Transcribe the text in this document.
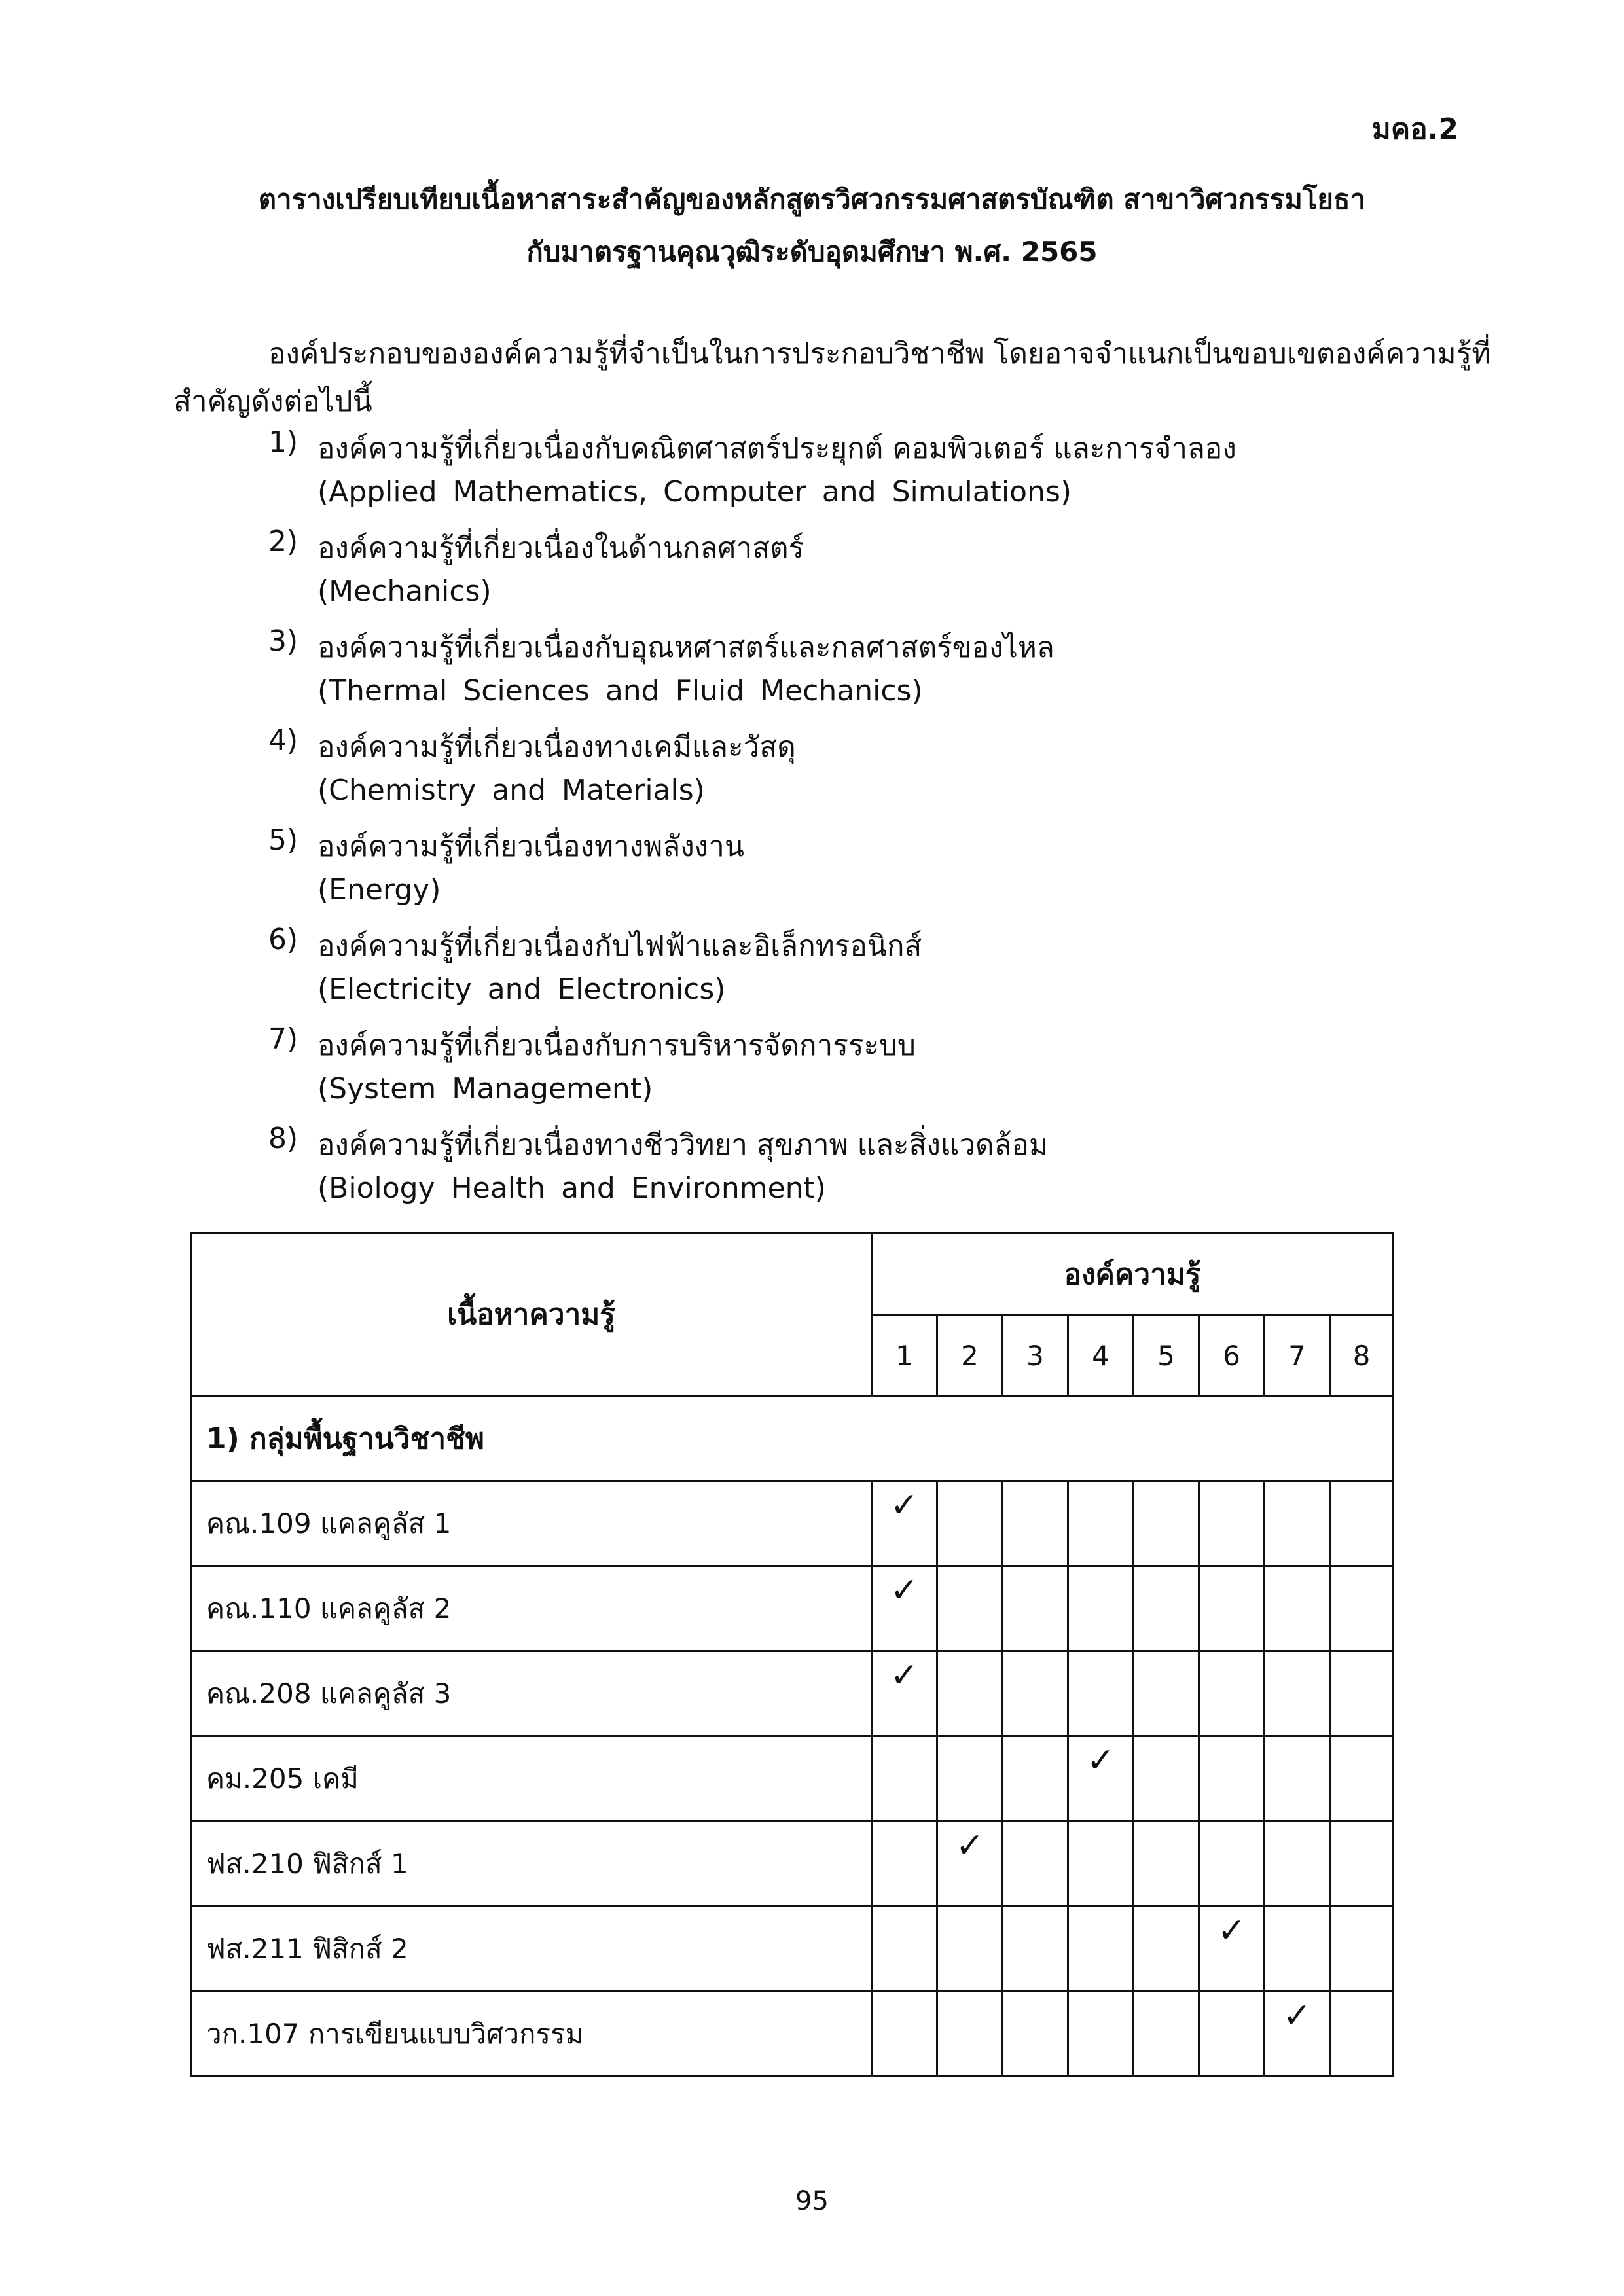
มคอ.2
ตารางเปรียบเทียบเนื้อหาสาระสำคัญของหลักสูตรวิศวกรรมศาสตรบัณฑิต สาขาวิศวกรรมโยธา
กับมาตรฐานคุณวุฒิระดับอุดมศึกษา พ.ศ. 2565
องค์ประกอบขององค์ความรู้ที่จำเป็นในการประกอบวิชาชีพ โดยอาจจำแนกเป็นขอบเขตองค์ความรู้ที่
สำคัญดังต่อไปนี้
1) องค์ความรู้ที่เกี่ยวเนื่องกับคณิตศาสตร์ประยุกต์ คอมพิวเตอร์ และการจำลอง
(Applied Mathematics, Computer and Simulations)
2) องค์ความรู้ที่เกี่ยวเนื่องในด้านกลศาสตร์
(Mechanics)
3) องค์ความรู้ที่เกี่ยวเนื่องกับอุณหศาสตร์และกลศาสตร์ของไหล
(Thermal Sciences and Fluid Mechanics)
4) องค์ความรู้ที่เกี่ยวเนื่องทางเคมีและวัสดุ
(Chemistry and Materials)
5) องค์ความรู้ที่เกี่ยวเนื่องทางพลังงาน
(Energy)
6) องค์ความรู้ที่เกี่ยวเนื่องกับไฟฟ้าและอิเล็กทรอนิกส์
(Electricity and Electronics)
7) องค์ความรู้ที่เกี่ยวเนื่องกับการบริหารจัดการระบบ
(System Management)
8) องค์ความรู้ที่เกี่ยวเนื่องทางชีววิทยา สุขภาพ และสิ่งแวดล้อม
(Biology Health and Environment)
เนื้อหาความรู้	องค์ความรู้							
	1	2	3	4	5	6	7	8
1) กลุ่มพื้นฐานวิชาชีพ								
คณ.109 แคลคูลัส 1	✓							

คณ.110 แคลคูลัส 2	✓							

คณ.208 แคลคูลัส 3	✓							

คม.205 เคมี				✓				

ฟส.210 ฟิสิกส์ 1		✓						

ฟส.211 ฟิสิกส์ 2						✓		

วก.107 การเขียนแบบวิศวกรรม							✓	

95
